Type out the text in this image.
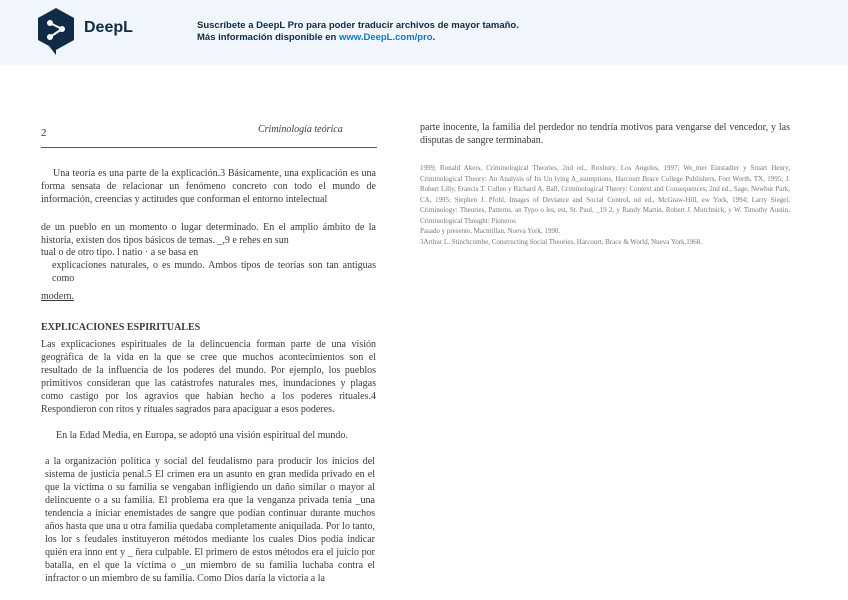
DeepL	Suscríbete a DeepL Pro para poder traducir archivos de mayor tamaño.
Más información disponible en www.DeepL.com/pro.
2	Criminología teórica

Una teoría es una parte de la explicación.3 Básicamente, una explicación es una forma sensata de relacionar un fenómeno concreto con todo el mundo de información, creencias y actitudes que conforman el entorno intelectual

de un pueblo en un momento o lugar determinado. En el amplio ámbito de la historia, existen dos tipos básicos de temas. _,9 e rehes en sun

tual o de otro tipo. l natio · a se basa en

explicaciones naturales, o es mundo. Ambos tipos de teorías son tan antiguas como

modern.

EXPLICACIONES ESPIRITUALES

Las explicaciones espirituales de la delincuencia forman parte de una visión geográfica de la vida en la que se cree que muchos acontecimientos son el resultado de la influencia de los poderes del mundo. Por ejemplo, los pueblos primitivos consideran que las catástrofes naturales mes, inundaciones y plagas como castigo por los agravios que habían hecho a los poderes rituales.4 Respondieron con ritos y rituales sagrados para apaciguar a esos poderes.

En la Edad Media, en Europa, se adoptó una visión espiritual del mundo.

a la organización política y social del feudalismo para producir los inicios del sistema de justicia penal.5 El crimen era un asunto en gran medida privado en el que la víctima o su familia se vengaban infligiendo un daño similar o mayor al delincuente o a su familia. El problema era que la venganza privada tenía _una tendencia a iniciar enemistades de sangre que podían continuar durante muchos años hasta que una u otra familia quedaba completamente aniquilada. Por lo tanto, los lor s feudales instituyeron métodos mediante los cuales Dios podía indicar quién era inno ent y _ ñera culpable. El primero de estos métodos era el juicio por batalla, en el que la víctima o _un miembro de su familia luchaba contra el infractor o un miembro de su familia. Como Dios daría la victoria a la

parte inocente, la familia del perdedor no tendría motivos para vengarse del vencedor, y las disputas de sangre terminaban.

1999; Ronald Akers, Criminological Theories, 2nd ed., Roxbury, Los Angeles, 1997; We_mer Einstadter y Stuart Henry, Criminological Theory: An Analysis of Its Un lying A_ssumptions, Harcourt Brace College Publishers, Fort Worth, TX, 1995; J. Robert Lilly, Francis T. Cullen y Richard A. Ball, Criminological Theory: Context and Consequences, 2nd ed., Sage, Newbur Park, CA, 1995; Stephen J. Pfohl, Images of Deviance and Social Control, nd ed., McGraw-Hill, ew York, 1994; Larry Siegel, Criminology: Theories, Patterns, an Typo o les, est, St. Paul, _19 2, y Randy Martin, Robert J. Mutchnick, y W. Timothy Austin, Criminological Thought: Pioneros

Pasado y presente, Macmillan, Nueva York, 1990.

3Arthur L. Stinchcombe, Constructing Social Theories, Harcourt, Brace & World, Nueva York,1968.
